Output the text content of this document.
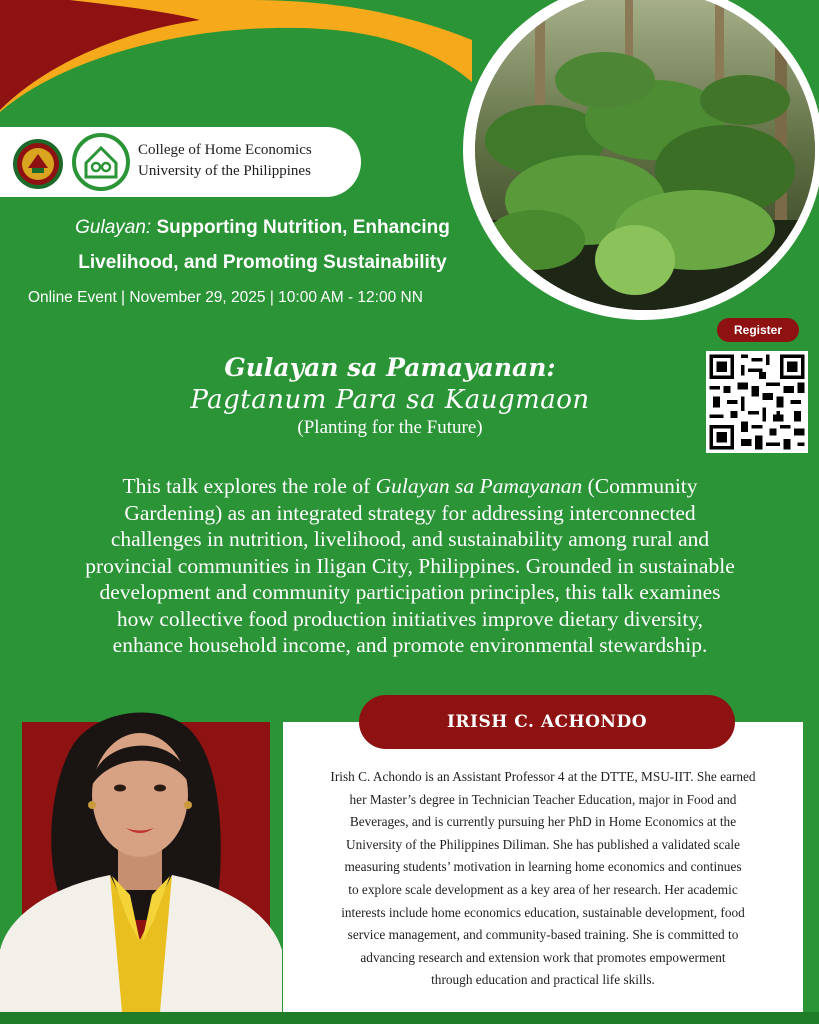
College of Home Economics
University of the Philippines
Gulayan: Supporting Nutrition, Enhancing
Livelihood, and Promoting Sustainability
Online Event | November 29, 2025 | 10:00 AM - 12:00 NN
Register
Gulayan sa Pamayanan:
Pagtanum Para sa Kaugmaon
(Planting for the Future)
This talk explores the role of Gulayan sa Pamayanan (Community
Gardening) as an integrated strategy for addressing interconnected
challenges in nutrition, livelihood, and sustainability among rural and
provincial communities in Iligan City, Philippines. Grounded in sustainable
development and community participation principles, this talk examines
how collective food production initiatives improve dietary diversity,
enhance household income, and promote environmental stewardship.
IRISH C. ACHONDO
Irish C. Achondo is an Assistant Professor 4 at the DTTE, MSU-IIT. She earned
her Master’s degree in Technician Teacher Education, major in Food and
Beverages, and is currently pursuing her PhD in Home Economics at the
University of the Philippines Diliman. She has published a validated scale
measuring students’ motivation in learning home economics and continues
to explore scale development as a key area of her research. Her academic
interests include home economics education, sustainable development, food
service management, and community-based training. She is committed to
advancing research and extension work that promotes empowerment
through education and practical life skills.
